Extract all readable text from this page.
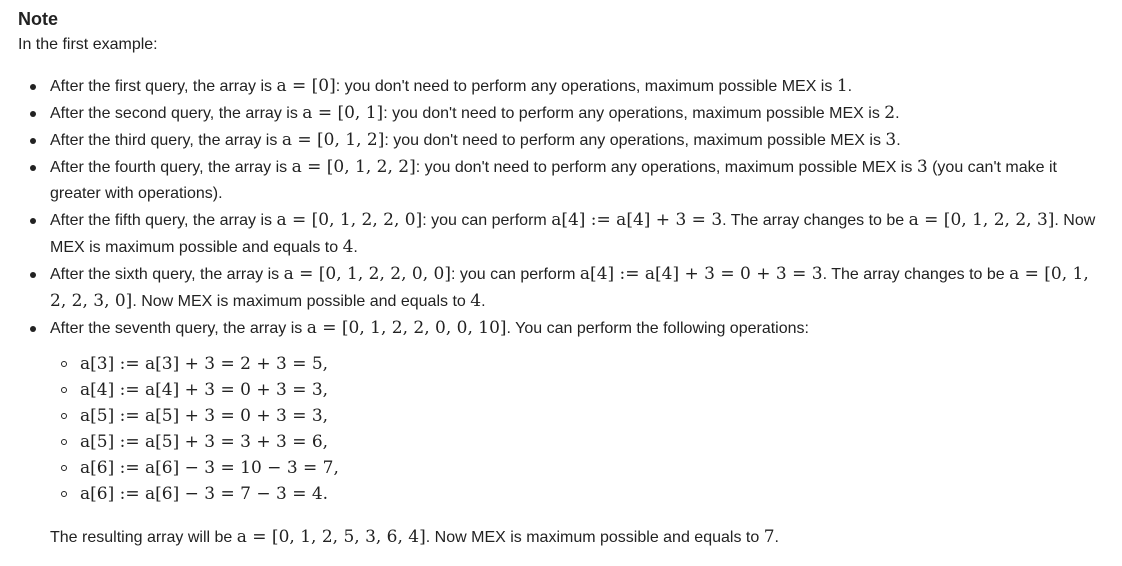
Note
In the first example:
After the first query, the array is a = [0]: you don't need to perform any operations, maximum possible MEX is 1.
After the second query, the array is a = [0, 1]: you don't need to perform any operations, maximum possible MEX is 2.
After the third query, the array is a = [0, 1, 2]: you don't need to perform any operations, maximum possible MEX is 3.
After the fourth query, the array is a = [0, 1, 2, 2]: you don't need to perform any operations, maximum possible MEX is 3 (you can't make it greater with operations).
After the fifth query, the array is a = [0, 1, 2, 2, 0]: you can perform a[4] := a[4] + 3 = 3. The array changes to be a = [0, 1, 2, 2, 3]. Now MEX is maximum possible and equals to 4.
After the sixth query, the array is a = [0, 1, 2, 2, 0, 0]: you can perform a[4] := a[4] + 3 = 0 + 3 = 3. The array changes to be a = [0, 1, 2, 2, 3, 0]. Now MEX is maximum possible and equals to 4.
After the seventh query, the array is a = [0, 1, 2, 2, 0, 0, 10]. You can perform the following operations:
a[3] := a[3] + 3 = 2 + 3 = 5,
a[4] := a[4] + 3 = 0 + 3 = 3,
a[5] := a[5] + 3 = 0 + 3 = 3,
a[5] := a[5] + 3 = 3 + 3 = 6,
a[6] := a[6] − 3 = 10 − 3 = 7,
a[6] := a[6] − 3 = 7 − 3 = 4.
The resulting array will be a = [0, 1, 2, 5, 3, 6, 4]. Now MEX is maximum possible and equals to 7.
